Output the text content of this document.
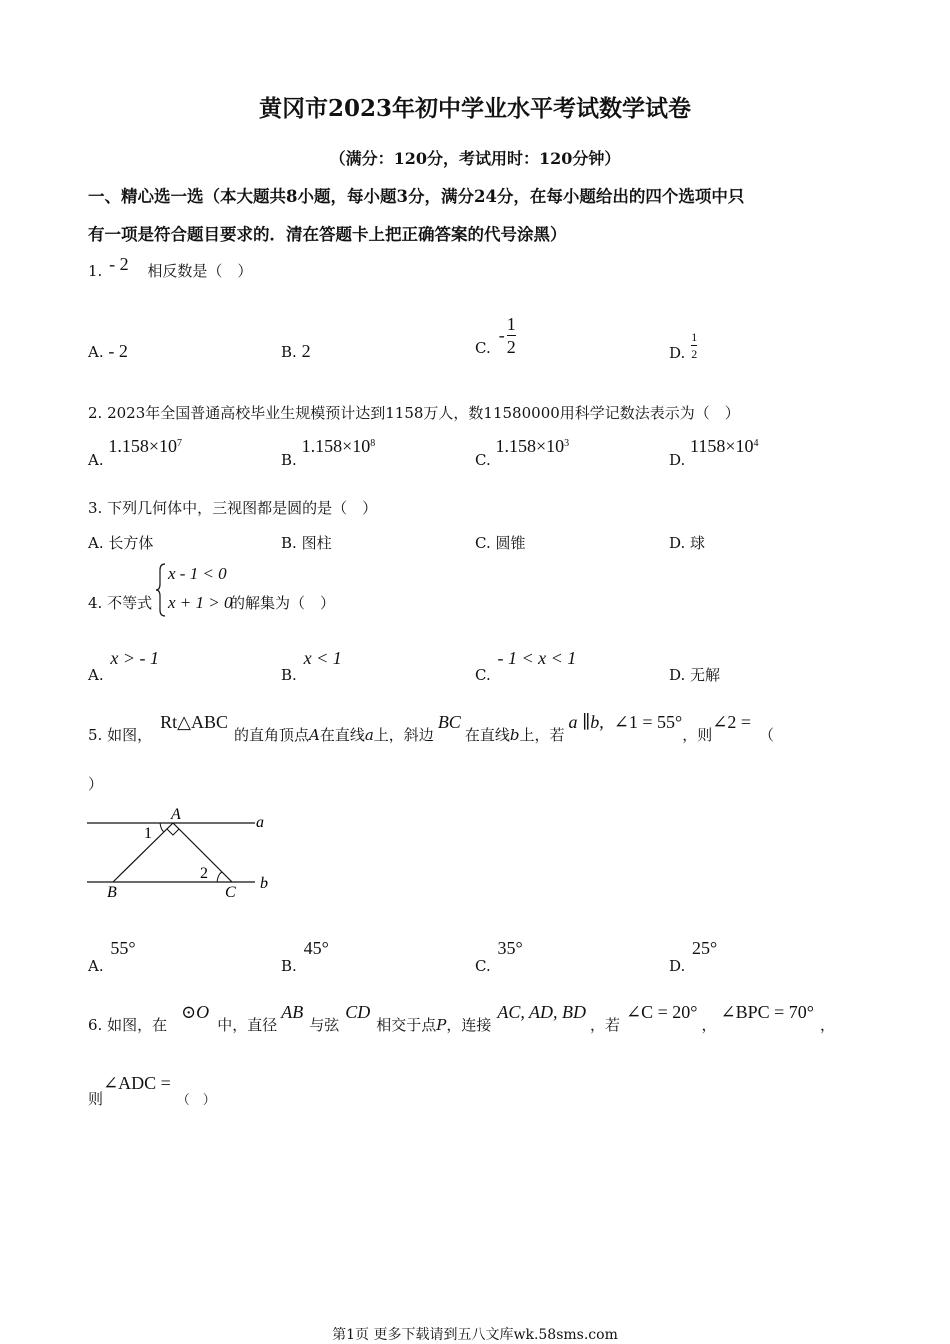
黄冈市2023年初中学业水平考试数学试卷
（满分：120分，考试用时：120分钟）
一、精心选一选（本大题共8小题，每小题3分，满分24分，在每小题给出的四个选项中只
有一项是符合题目要求的．清在答题卡上把正确答案的代号涂黑）
1. - 2 相反数是（　）
A. - 2	B. 2	C.
- $\frac{1}{2}$	D. $\frac{1}{2}$
2. 2023年全国普通高校毕业生规模预计达到1158万人，数11580000用科学记数法表示为（　）
A. $1.158\times 10^7$
B. $1.158\times 10^8$
C. $1.158\times 10^3$
D. $1158\times 10^4$
3. 下列几何体中，三视图都是圆的是（　）
A. 长方体	B. 图柱	C. 圆锥	D. 球
4. 不等式
x - 1 < 0
x + 1 > 0
的解集为（　）
A. x > - 1
B. x < 1
C. - 1 < x < 1
D. 无解
5. 如图，Rt△ABC的直角顶点A在直线a上，斜边BC在直线b上，若a ∥b, ∠1 = 55°，则∠2 =（
）
A
1
a
2
B	C
b
A. 55°
B. 45°
C. 35°
D. 25°
6. 如图，在⊙O中，直径AB与弦CD相交于点P，连接AC, AD, BD，若∠C = 20°，∠BPC = 70°，
则∠ADC =（　）
第1页 更多下载请到五八文库wk.58sms.com
